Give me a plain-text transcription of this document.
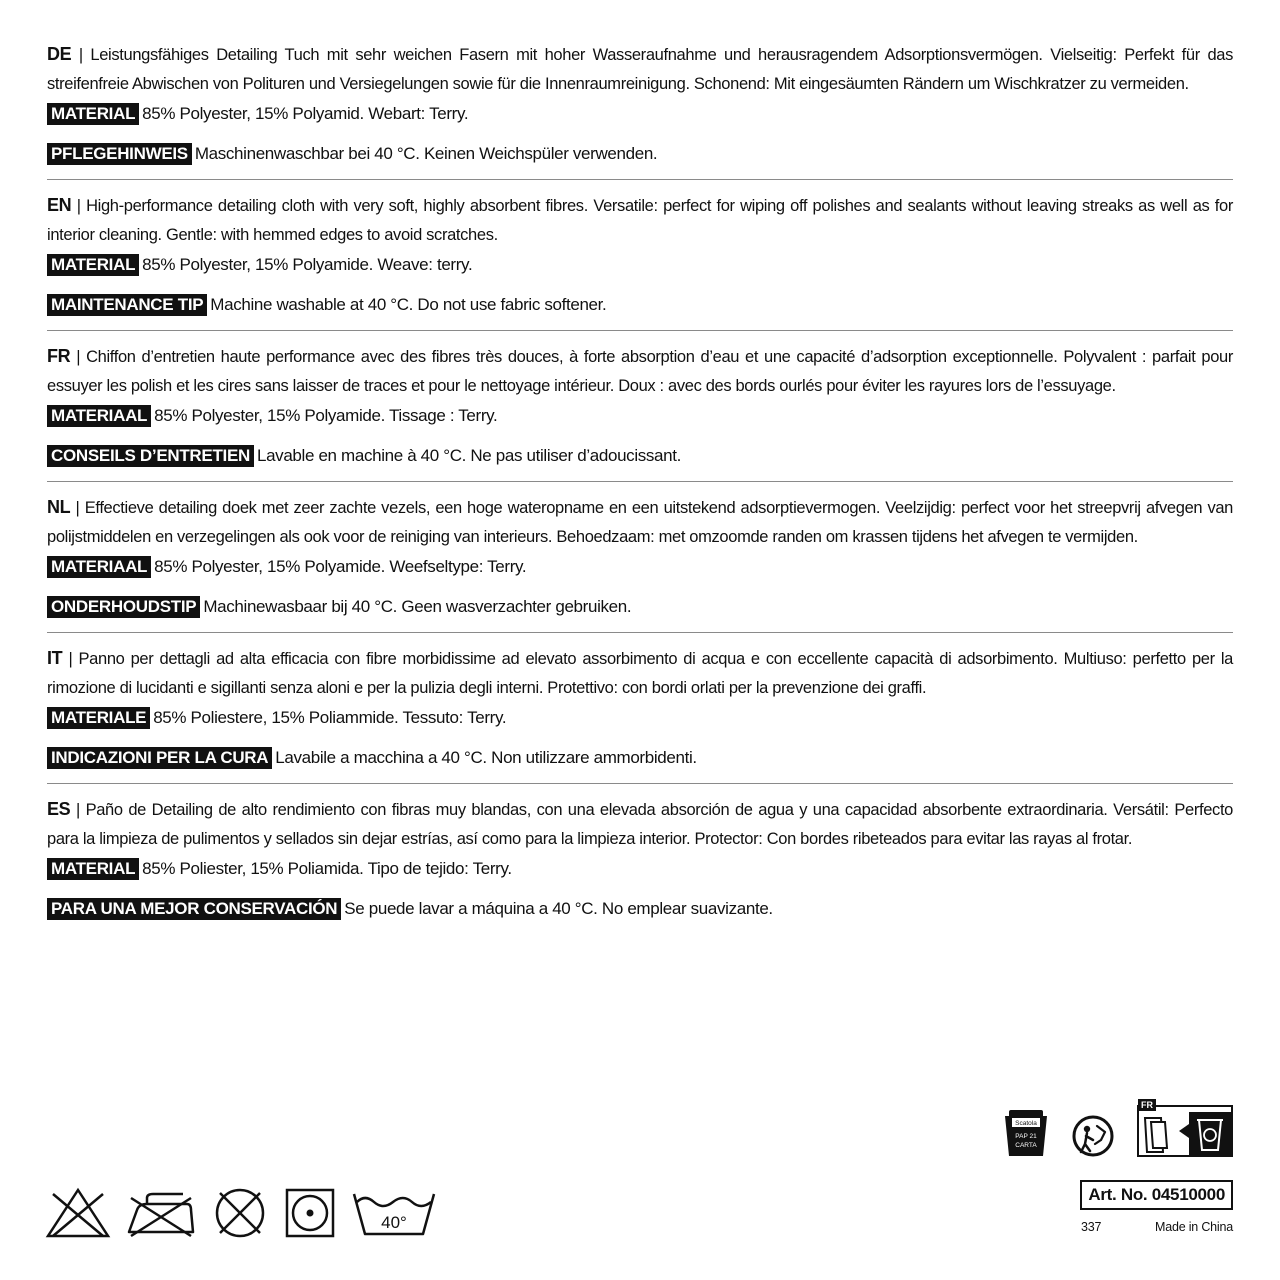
DE | Leistungsfähiges Detailing Tuch mit sehr weichen Fasern mit hoher Wasseraufnahme und herausragendem Adsorptionsvermögen. Vielseitig: Perfekt für das streifenfreie Abwischen von Polituren und Versiegelungen sowie für die Innenraumreinigung. Schonend: Mit eingesäumten Rändern um Wischkratzer zu vermeiden.

MATERIAL 85% Polyester, 15% Polyamid. Webart: Terry.

PFLEGEHINWEIS Maschinenwaschbar bei 40 °C. Keinen Weichspüler verwenden.

EN | High-performance detailing cloth with very soft, highly absorbent fibres. Versatile: perfect for wiping off polishes and sealants without leaving streaks as well as for interior cleaning. Gentle: with hemmed edges to avoid scratches.

MATERIAL 85% Polyester, 15% Polyamide. Weave: terry.

MAINTENANCE TIP Machine washable at 40 °C. Do not use fabric softener.

FR | Chiffon d’entretien haute performance avec des fibres très douces, à forte absorption d’eau et une capacité d’adsorption exceptionnelle. Polyvalent : parfait pour essuyer les polish et les cires sans laisser de traces et pour le nettoyage intérieur. Doux : avec des bords ourlés pour éviter les rayures lors de l’essuyage.

MATERIAAL 85% Polyester, 15% Polyamide. Tissage : Terry.

CONSEILS D’ENTRETIEN Lavable en machine à 40 °C. Ne pas utiliser d’adoucissant.

NL | Effectieve detailing doek met zeer zachte vezels, een hoge wateropname en een uitstekend adsorptievermogen. Veelzijdig: perfect voor het streepvrij afvegen van polijstmiddelen en verzegelingen als ook voor de reiniging van interieurs. Behoedzaam: met omzoomde randen om krassen tijdens het afvegen te vermijden.

MATERIAAL 85% Polyester, 15% Polyamide. Weefseltype: Terry.

ONDERHOUDSTIP Machinewasbaar bij 40 °C. Geen wasverzachter gebruiken.

IT | Panno per dettagli ad alta efficacia con fibre morbidissime ad elevato assorbimento di acqua e con eccellente capacità di adsorbimento. Multiuso: perfetto per la rimozione di lucidanti e sigillanti senza aloni e per la pulizia degli interni. Protettivo: con bordi orlati per la prevenzione dei graffi.

MATERIALE 85% Poliestere, 15% Poliammide. Tessuto: Terry.

INDICAZIONI PER LA CURA Lavabile a macchina a 40 °C. Non utilizzare ammorbidenti.

ES | Paño de Detailing de alto rendimiento con fibras muy blandas, con una elevada absorción de agua y una capacidad absorbente extraordinaria. Versátil: Perfecto para la limpieza de pulimentos y sellados sin dejar estrías, así como para la limpieza interior. Protector: Con bordes ribeteados para evitar las rayas al frotar.

MATERIAL 85% Poliester, 15% Poliamida. Tipo de tejido: Terry.

PARA UNA MEJOR CONSERVACIÓN Se puede lavar a máquina a 40 °C. No emplear suavizante.

40°
Scatola
PAP 21
CARTA
FR
Art. No. 04510000
337	Made in China
